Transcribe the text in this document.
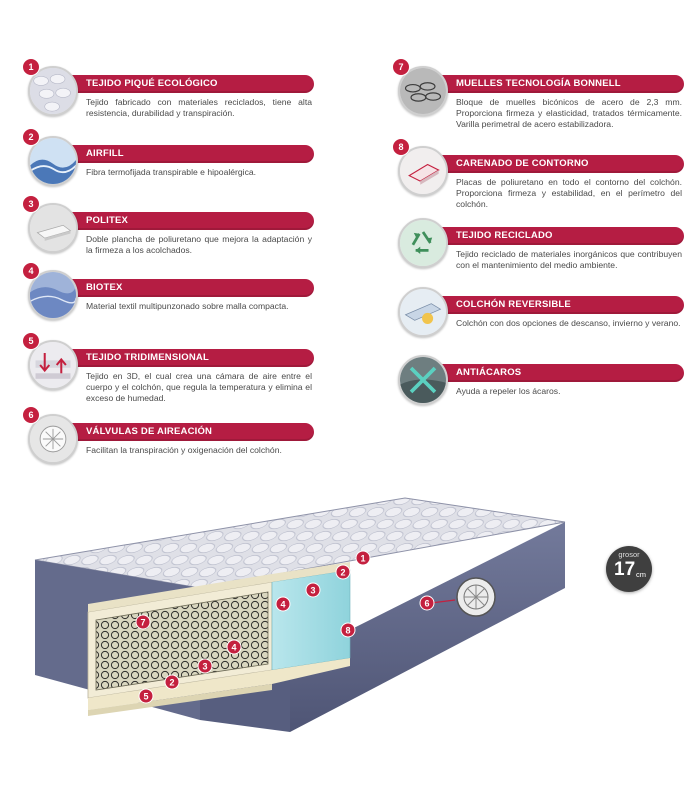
1
TEJIDO PIQUÉ ECOLÓGICO
Tejido fabricado con materiales reciclados, tiene alta resistencia, durabilidad y transpiración.
2
AIRFILL
Fibra termofijada transpirable e hipoalérgica.
3
POLITEX
Doble plancha de poliuretano que mejora la adaptación y la firmeza a los acolchados.
4
BIOTEX
Material textil multipunzonado sobre malla compacta.
5
TEJIDO TRIDIMENSIONAL
Tejido en 3D, el cual crea una cámara de aire entre el cuerpo y el colchón, que regula la temperatura y elimina el exceso de humedad.
6
VÁLVULAS DE AIREACIÓN
Facilitan la transpiración y oxigenación del colchón.
7
MUELLES TECNOLOGÍA BONNELL
Bloque de muelles bicónicos de acero de 2,3 mm. Proporciona firmeza y elasticidad, tratados térmicamente. Varilla perimetral de acero estabilizadora.
8
CARENADO DE CONTORNO
Placas de poliuretano en todo el contorno del colchón. Proporciona firmeza y estabilidad, en el perímetro del colchón.
TEJIDO RECICLADO
Tejido reciclado de materiales inorgánicos que contribuyen con el mantenimiento del medio ambiente.
COLCHÓN REVERSIBLE
Colchón con dos opciones de descanso, invierno y verano.
ANTIÁCAROS
Ayuda a repeler los ácaros.
1
2
3
4
8
7
4
3
2
5
6
grosor
17 cm
